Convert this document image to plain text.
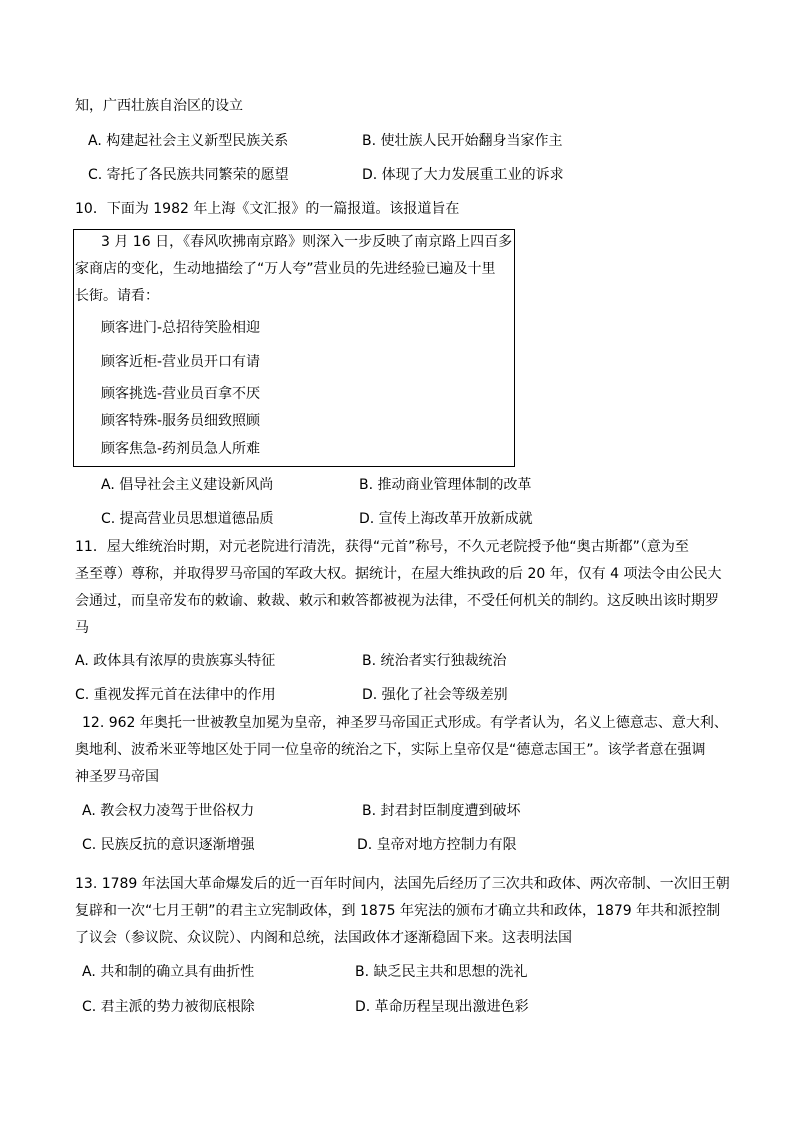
知，广西壮族自治区的设立
A. 构建起社会主义新型民族关系	B. 使壮族人民开始翻身当家作主
C. 寄托了各民族共同繁荣的愿望	D. 体现了大力发展重工业的诉求
10．下面为 1982 年上海《文汇报》的一篇报道。该报道旨在
3 月 16 日，《春风吹拂南京路》则深入一步反映了南京路上四百多
家商店的变化，生动地描绘了“万人夸”营业员的先进经验已遍及十里
长街。请看：
顾客进门-总招待笑脸相迎
顾客近柜-营业员开口有请
顾客挑选-营业员百拿不厌
顾客特殊-服务员细致照顾
顾客焦急-药剂员急人所难
A. 倡导社会主义建设新风尚	B. 推动商业管理体制的改革
C. 提高营业员思想道德品质	D. 宣传上海改革开放新成就
11．屋大维统治时期，对元老院进行清洗，获得“元首”称号，不久元老院授予他“奥古斯都”（意为至
圣至尊）尊称，并取得罗马帝国的军政大权。据统计，在屋大维执政的后 20 年，仅有 4 项法令由公民大
会通过，而皇帝发布的敕谕、敕裁、敕示和敕答都被视为法律，不受任何机关的制约。这反映出该时期罗
马
A. 政体具有浓厚的贵族寡头特征	B. 统治者实行独裁统治
C. 重视发挥元首在法律中的作用	D. 强化了社会等级差别
12. 962 年奥托一世被教皇加冕为皇帝，神圣罗马帝国正式形成。有学者认为，名义上德意志、意大利、
奥地利、波希米亚等地区处于同一位皇帝的统治之下，实际上皇帝仅是“德意志国王”。该学者意在强调
神圣罗马帝国
A. 教会权力凌驾于世俗权力	B. 封君封臣制度遭到破坏
C. 民族反抗的意识逐渐增强	D. 皇帝对地方控制力有限
13. 1789 年法国大革命爆发后的近一百年时间内，法国先后经历了三次共和政体、两次帝制、一次旧王朝
复辟和一次“七月王朝”的君主立宪制政体，到 1875 年宪法的颁布才确立共和政体，1879 年共和派控制
了议会（参议院、众议院）、内阁和总统，法国政体才逐渐稳固下来。这表明法国
A. 共和制的确立具有曲折性	B. 缺乏民主共和思想的洗礼
C. 君主派的势力被彻底根除	D. 革命历程呈现出激进色彩
